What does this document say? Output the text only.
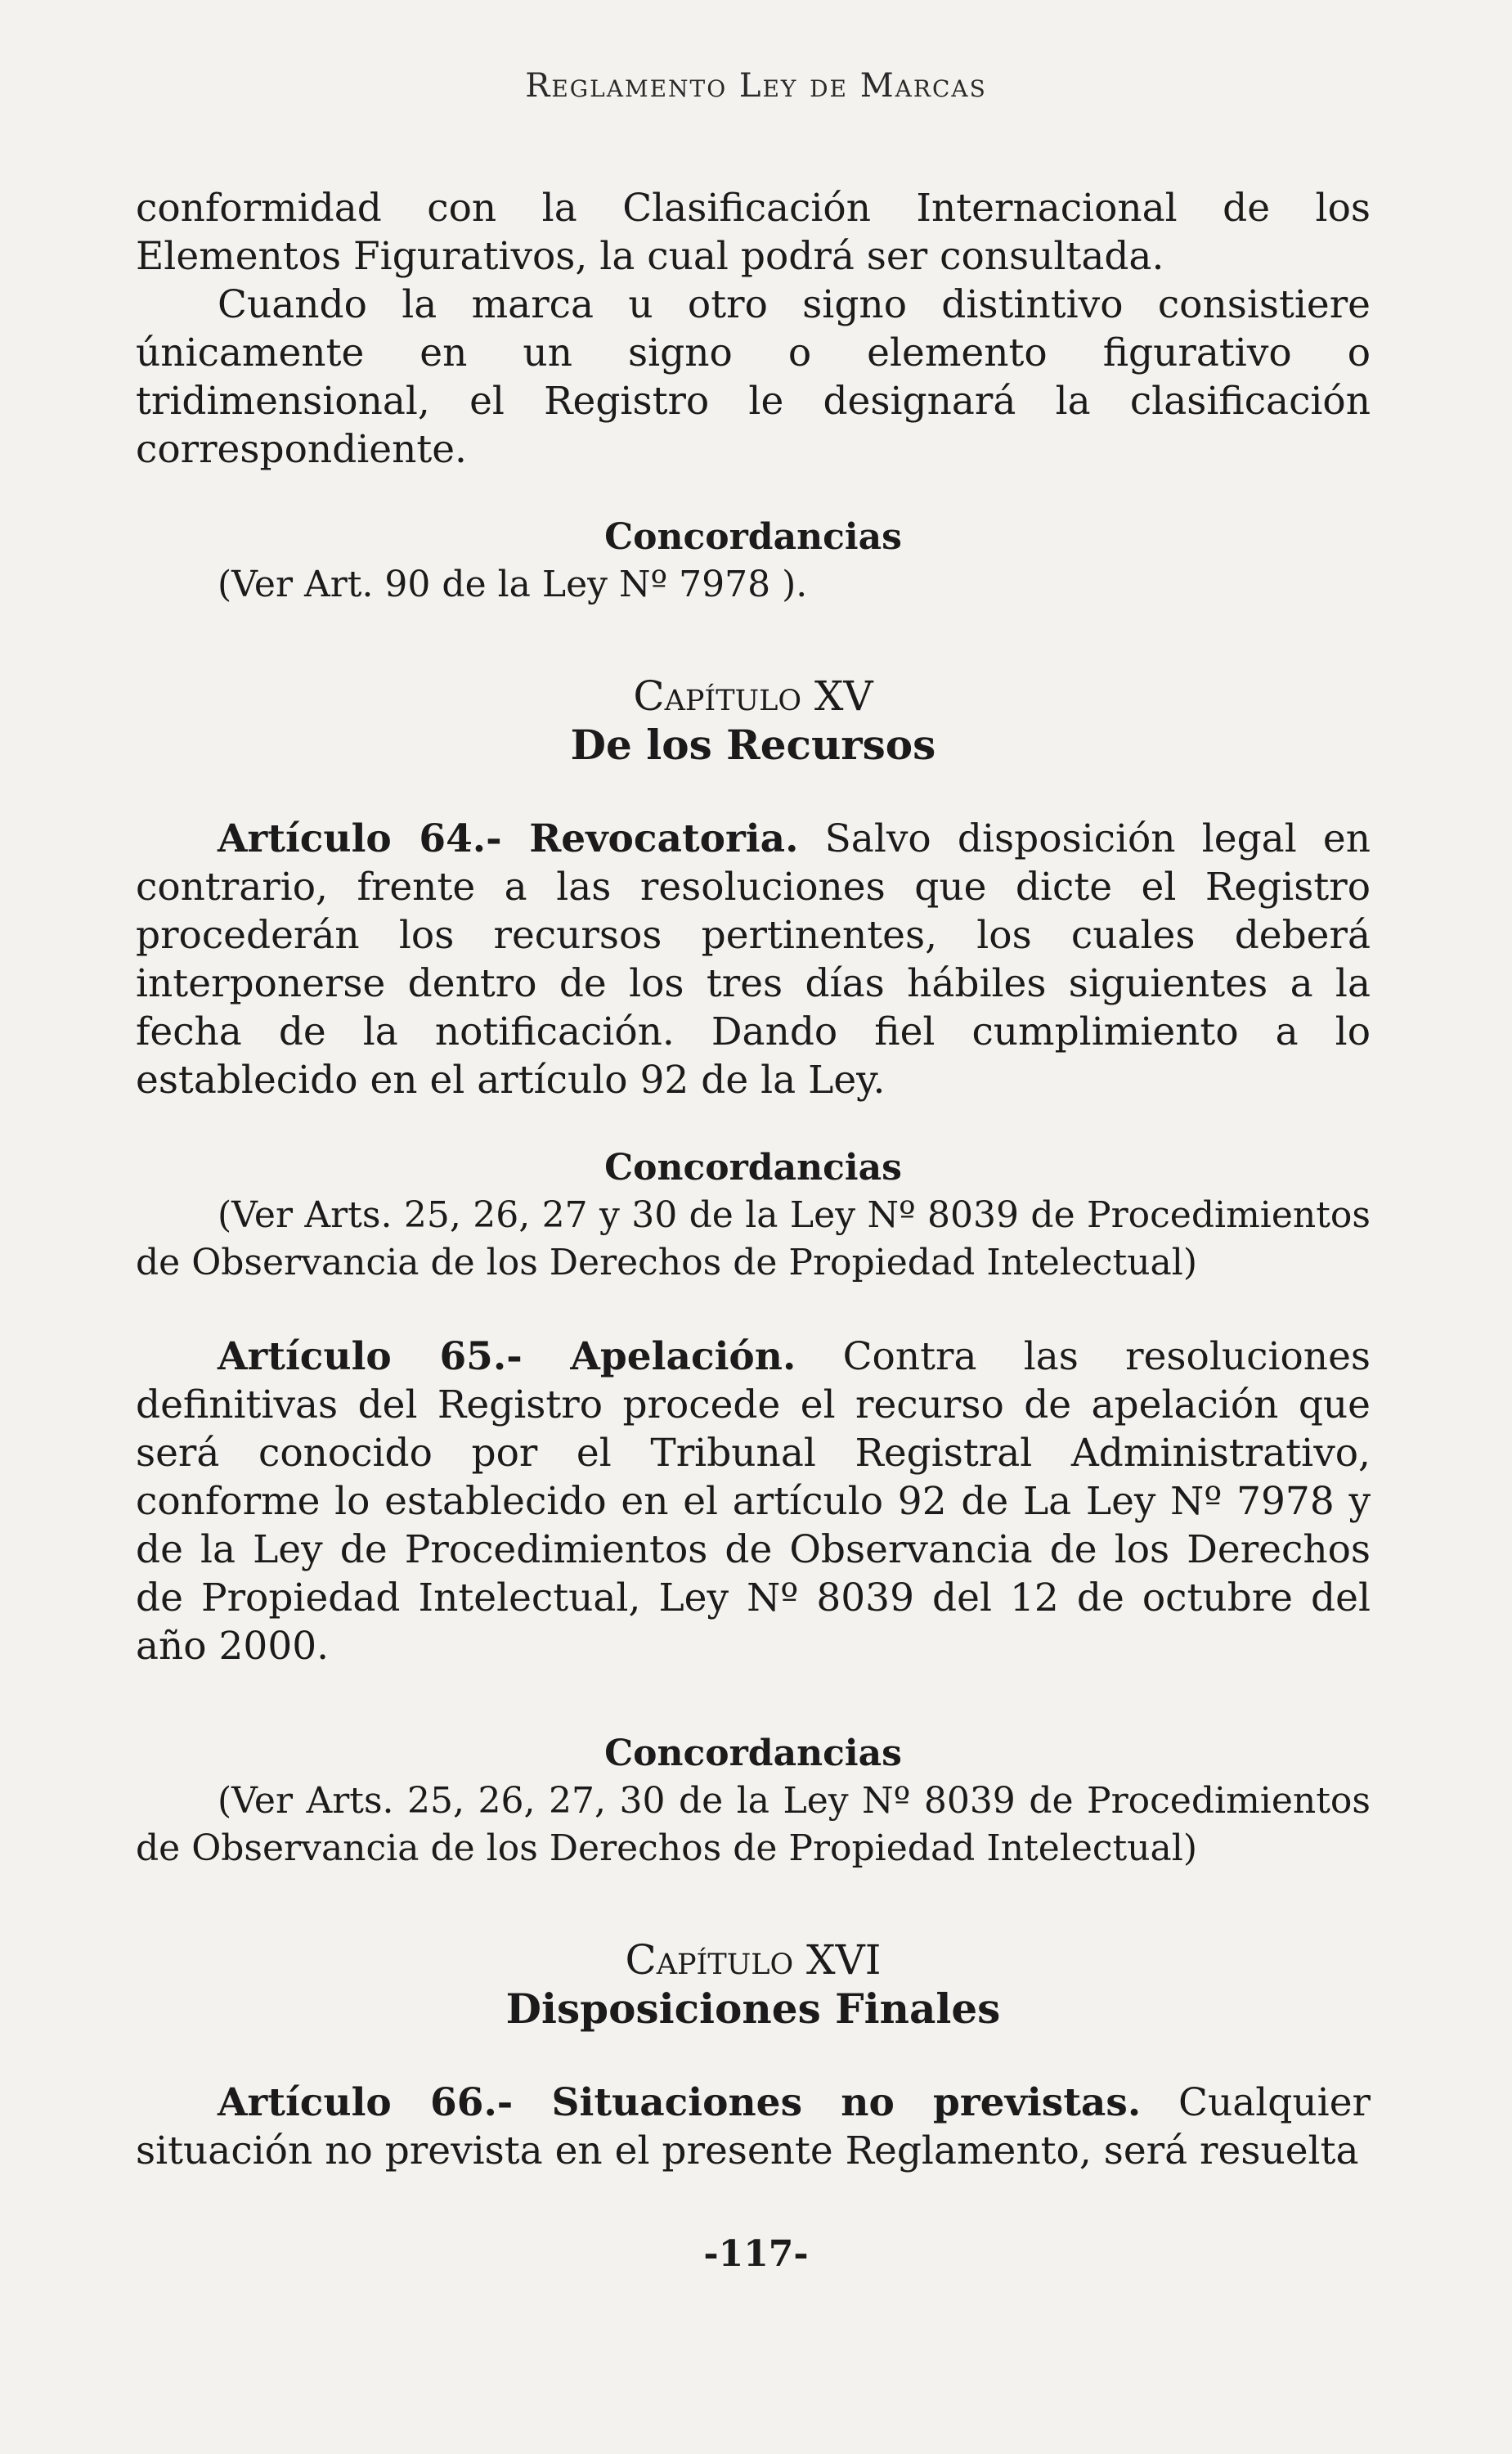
Reglamento Ley de Marcas

conformidad con la Clasificación Internacional de los Elementos Figurativos, la cual podrá ser consultada.

Cuando la marca u otro signo distintivo consistiere únicamente en un signo o elemento figurativo o tridimensional, el Registro le designará la clasificación correspondiente.

Concordancias

(Ver Art. 90 de la Ley Nº 7978 ).

Capítulo XV
De los Recursos

Artículo 64.- Revocatoria. Salvo disposición legal en contrario, frente a las resoluciones que dicte el Registro procederán los recursos pertinentes, los cuales deberá interponerse dentro de los tres días hábiles siguientes a la fecha de la notificación. Dando fiel cumplimiento a lo establecido en el artículo 92 de la Ley.

Concordancias

(Ver Arts. 25, 26, 27 y 30 de la Ley Nº 8039 de Procedimientos de Observancia de los Derechos de Propiedad Intelectual)

Artículo 65.- Apelación. Contra las resoluciones definitivas del Registro procede el recurso de apelación que será conocido por el Tribunal Registral Administrativo, conforme lo establecido en el artículo 92 de La Ley Nº 7978 y de la Ley de Procedimientos de Observancia de los Derechos de Propiedad Intelectual, Ley Nº 8039 del 12 de octubre del año 2000.

Concordancias

(Ver Arts. 25, 26, 27, 30 de la Ley Nº 8039 de Procedimientos de Observancia de los Derechos de Propiedad Intelectual)

Capítulo XVI
Disposiciones Finales

Artículo 66.- Situaciones no previstas. Cualquier situación no prevista en el presente Reglamento, será resuelta

-117-
